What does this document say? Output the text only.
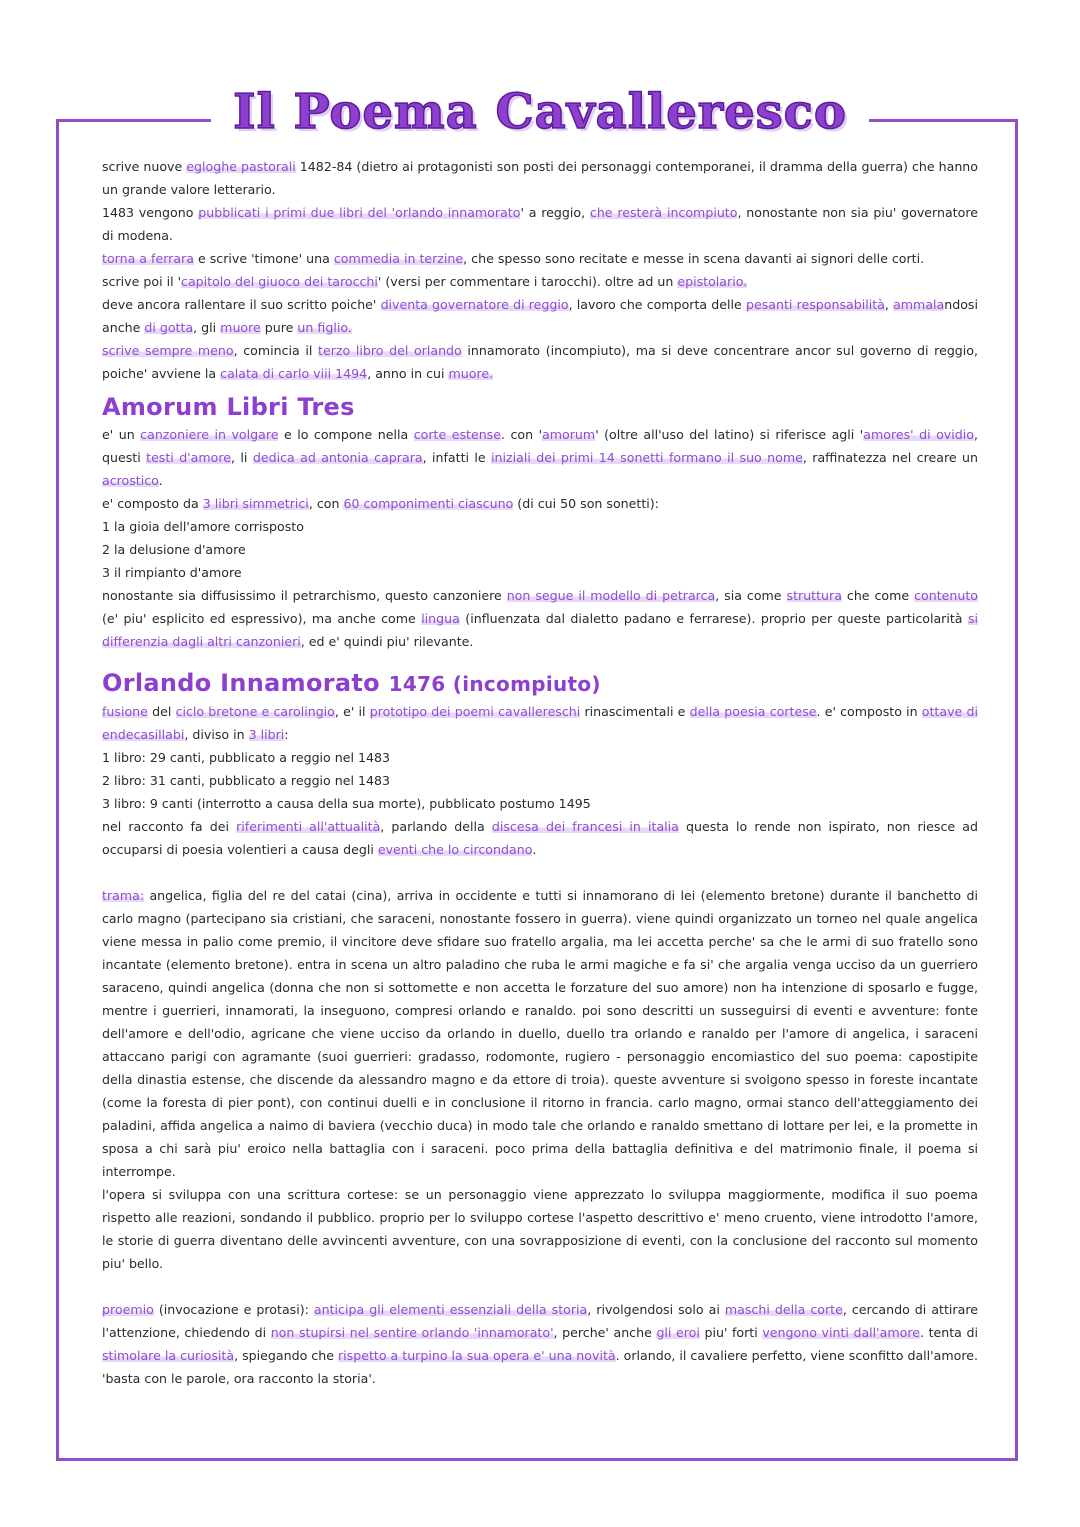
Il Poema Cavalleresco

scrive nuove egloghe pastorali 1482-84 (dietro ai protagonisti son posti dei personaggi contemporanei, il dramma della guerra) che hanno un grande valore letterario.

1483 vengono pubblicati i primi due libri del 'orlando innamorato' a reggio, che resterà incompiuto, nonostante non sia piu' governatore di modena.

torna a ferrara e scrive 'timone' una commedia in terzine, che spesso sono recitate e messe in scena davanti ai signori delle corti.

scrive poi il 'capitolo del giuoco dei tarocchi' (versi per commentare i tarocchi). oltre ad un epistolario.

deve ancora rallentare il suo scritto poiche' diventa governatore di reggio, lavoro che comporta delle pesanti responsabilità, ammalandosi anche di gotta, gli muore pure un figlio.

scrive sempre meno, comincia il terzo libro del orlando innamorato (incompiuto), ma si deve concentrare ancor sul governo di reggio, poiche' avviene la calata di carlo viii 1494, anno in cui muore.

Amorum Libri Tres

e' un canzoniere in volgare e lo compone nella corte estense. con 'amorum' (oltre all'uso del latino) si riferisce agli 'amores' di ovidio, questi testi d'amore, li dedica ad antonia caprara, infatti le iniziali dei primi 14 sonetti formano il suo nome, raffinatezza nel creare un acrostico.

e' composto da 3 libri simmetrici, con 60 componimenti ciascuno (di cui 50 son sonetti):

1 la gioia dell'amore corrisposto
2 la delusione d'amore
3 il rimpianto d'amore

nonostante sia diffusissimo il petrarchismo, questo canzoniere non segue il modello di petrarca, sia come struttura che come contenuto (e' piu' esplicito ed espressivo), ma anche come lingua (influenzata dal dialetto padano e ferrarese). proprio per queste particolarità si differenzia dagli altri canzonieri, ed e' quindi piu' rilevante.

Orlando Innamorato 1476 (incompiuto)

fusione del ciclo bretone e carolingio, e' il prototipo dei poemi cavallereschi rinascimentali e della poesia cortese. e' composto in ottave di endecasillabi, diviso in 3 libri:

1 libro: 29 canti, pubblicato a reggio nel 1483
2 libro: 31 canti, pubblicato a reggio nel 1483
3 libro: 9 canti (interrotto a causa della sua morte), pubblicato postumo 1495

nel racconto fa dei riferimenti all'attualità, parlando della discesa dei francesi in italia questa lo rende non ispirato, non riesce ad occuparsi di poesia volentieri a causa degli eventi che lo circondano.

trama: angelica, figlia del re del catai (cina), arriva in occidente e tutti si innamorano di lei (elemento bretone) durante il banchetto di carlo magno (partecipano sia cristiani, che saraceni, nonostante fossero in guerra). viene quindi organizzato un torneo nel quale angelica viene messa in palio come premio, il vincitore deve sfidare suo fratello argalia, ma lei accetta perche' sa che le armi di suo fratello sono incantate (elemento bretone). entra in scena un altro paladino che ruba le armi magiche e fa si' che argalia venga ucciso da un guerriero saraceno, quindi angelica (donna che non si sottomette e non accetta le forzature del suo amore) non ha intenzione di sposarlo e fugge, mentre i guerrieri, innamorati, la inseguono, compresi orlando e ranaldo. poi sono descritti un susseguirsi di eventi e avventure: fonte dell'amore e dell'odio, agricane che viene ucciso da orlando in duello, duello tra orlando e ranaldo per l'amore di angelica, i saraceni attaccano parigi con agramante (suoi guerrieri: gradasso, rodomonte, rugiero - personaggio encomiastico del suo poema: capostipite della dinastia estense, che discende da alessandro magno e da ettore di troia). queste avventure si svolgono spesso in foreste incantate (come la foresta di pier pont), con continui duelli e in conclusione il ritorno in francia. carlo magno, ormai stanco dell'atteggiamento dei paladini, affida angelica a naimo di baviera (vecchio duca) in modo tale che orlando e ranaldo smettano di lottare per lei, e la promette in sposa a chi sarà piu' eroico nella battaglia con i saraceni. poco prima della battaglia definitiva e del matrimonio finale, il poema si interrompe.

l'opera si sviluppa con una scrittura cortese: se un personaggio viene apprezzato lo sviluppa maggiormente, modifica il suo poema rispetto alle reazioni, sondando il pubblico. proprio per lo sviluppo cortese l'aspetto descrittivo e' meno cruento, viene introdotto l'amore, le storie di guerra diventano delle avvincenti avventure, con una sovrapposizione di eventi, con la conclusione del racconto sul momento piu' bello.

proemio (invocazione e protasi): anticipa gli elementi essenziali della storia, rivolgendosi solo ai maschi della corte, cercando di attirare l'attenzione, chiedendo di non stupirsi nel sentire orlando 'innamorato', perche' anche gli eroi piu' forti vengono vinti dall'amore. tenta di stimolare la curiosità, spiegando che rispetto a turpino la sua opera e' una novità. orlando, il cavaliere perfetto, viene sconfitto dall'amore. 'basta con le parole, ora racconto la storia'.
